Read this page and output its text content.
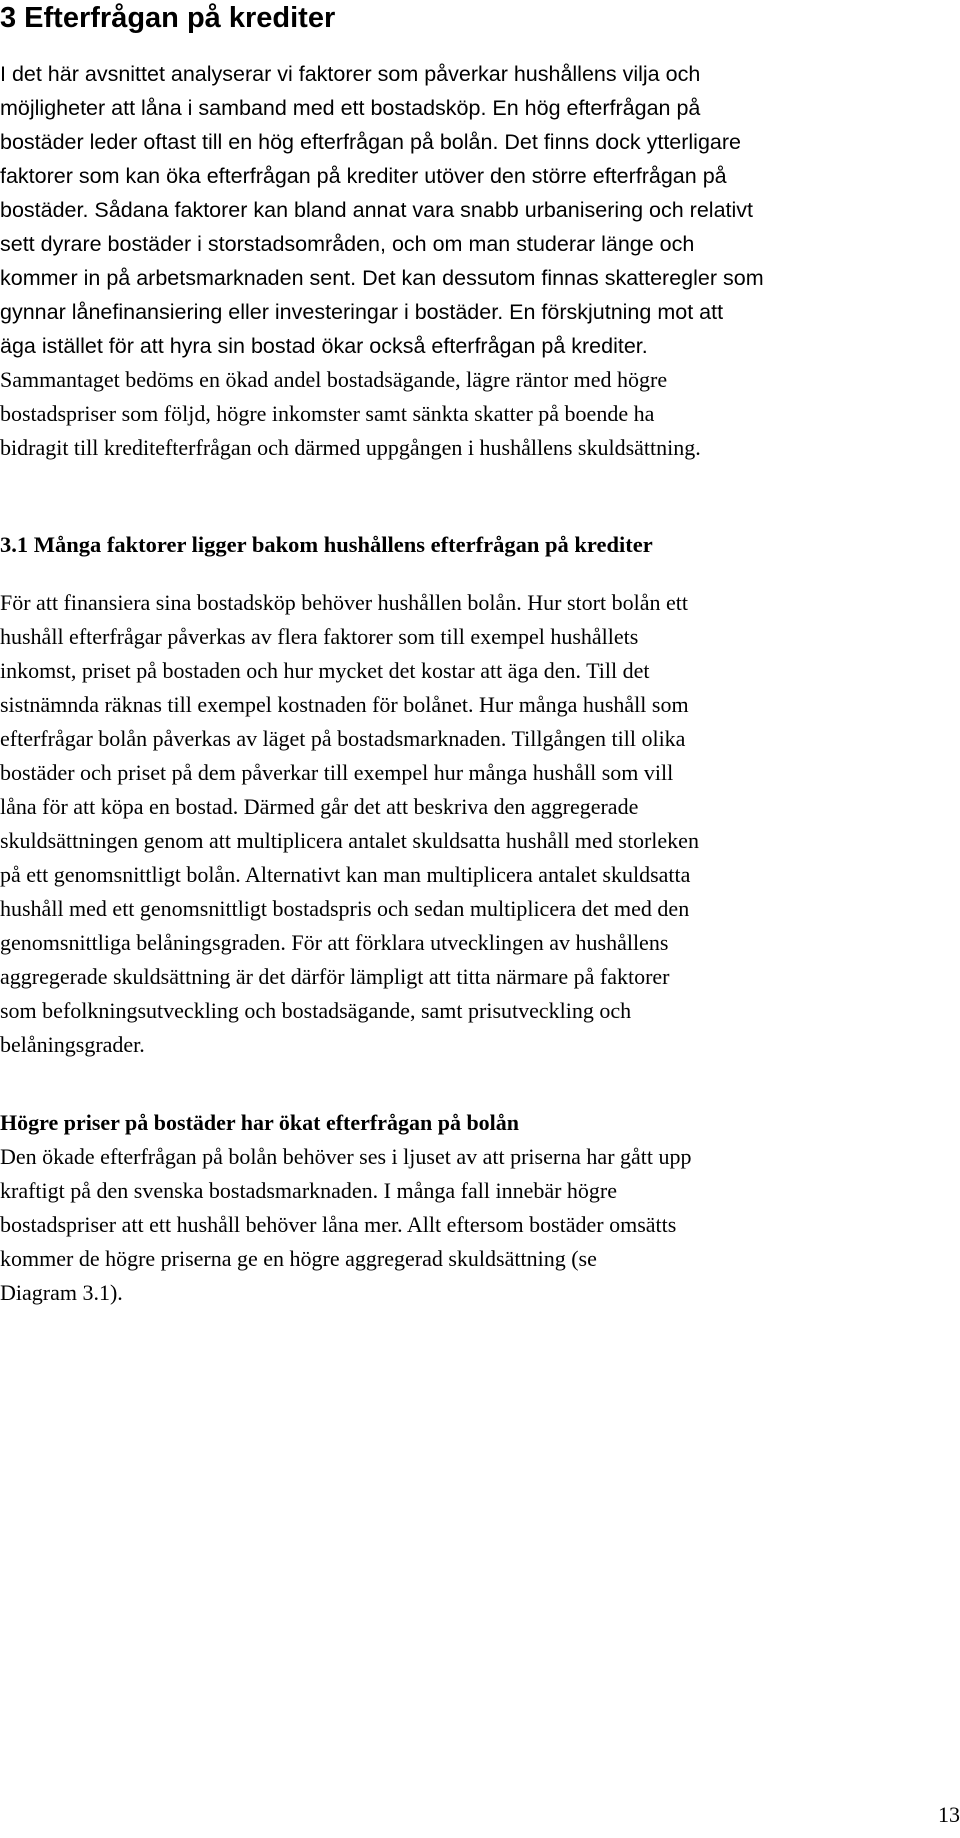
3 Efterfrågan på krediter

I det här avsnittet analyserar vi faktorer som påverkar hushållens vilja och
möjligheter att låna i samband med ett bostadsköp. En hög efterfrågan på
bostäder leder oftast till en hög efterfrågan på bolån. Det finns dock ytterligare
faktorer som kan öka efterfrågan på krediter utöver den större efterfrågan på
bostäder. Sådana faktorer kan bland annat vara snabb urbanisering och relativt
sett dyrare bostäder i storstadsområden, och om man studerar länge och
kommer in på arbetsmarknaden sent. Det kan dessutom finnas skatteregler som
gynnar lånefinansiering eller investeringar i bostäder. En förskjutning mot att
äga istället för att hyra sin bostad ökar också efterfrågan på krediter.

Sammantaget bedöms en ökad andel bostadsägande, lägre räntor med högre
bostadspriser som följd, högre inkomster samt sänkta skatter på boende ha
bidragit till kreditefterfrågan och därmed uppgången i hushållens skuldsättning.

3.1 Många faktorer ligger bakom hushållens efterfrågan på krediter

För att finansiera sina bostadsköp behöver hushållen bolån. Hur stort bolån ett
hushåll efterfrågar påverkas av flera faktorer som till exempel hushållets
inkomst, priset på bostaden och hur mycket det kostar att äga den. Till det
sistnämnda räknas till exempel kostnaden för bolånet. Hur många hushåll som
efterfrågar bolån påverkas av läget på bostadsmarknaden. Tillgången till olika
bostäder och priset på dem påverkar till exempel hur många hushåll som vill
låna för att köpa en bostad. Därmed går det att beskriva den aggregerade
skuldsättningen genom att multiplicera antalet skuldsatta hushåll med storleken
på ett genomsnittligt bolån. Alternativt kan man multiplicera antalet skuldsatta
hushåll med ett genomsnittligt bostadspris och sedan multiplicera det med den
genomsnittliga belåningsgraden. För att förklara utvecklingen av hushållens
aggregerade skuldsättning är det därför lämpligt att titta närmare på faktorer
som befolkningsutveckling och bostadsägande, samt prisutveckling och
belåningsgrader.

Högre priser på bostäder har ökat efterfrågan på bolån

Den ökade efterfrågan på bolån behöver ses i ljuset av att priserna har gått upp
kraftigt på den svenska bostadsmarknaden. I många fall innebär högre
bostadspriser att ett hushåll behöver låna mer. Allt eftersom bostäder omsätts
kommer de högre priserna ge en högre aggregerad skuldsättning (se
Diagram 3.1).

13
